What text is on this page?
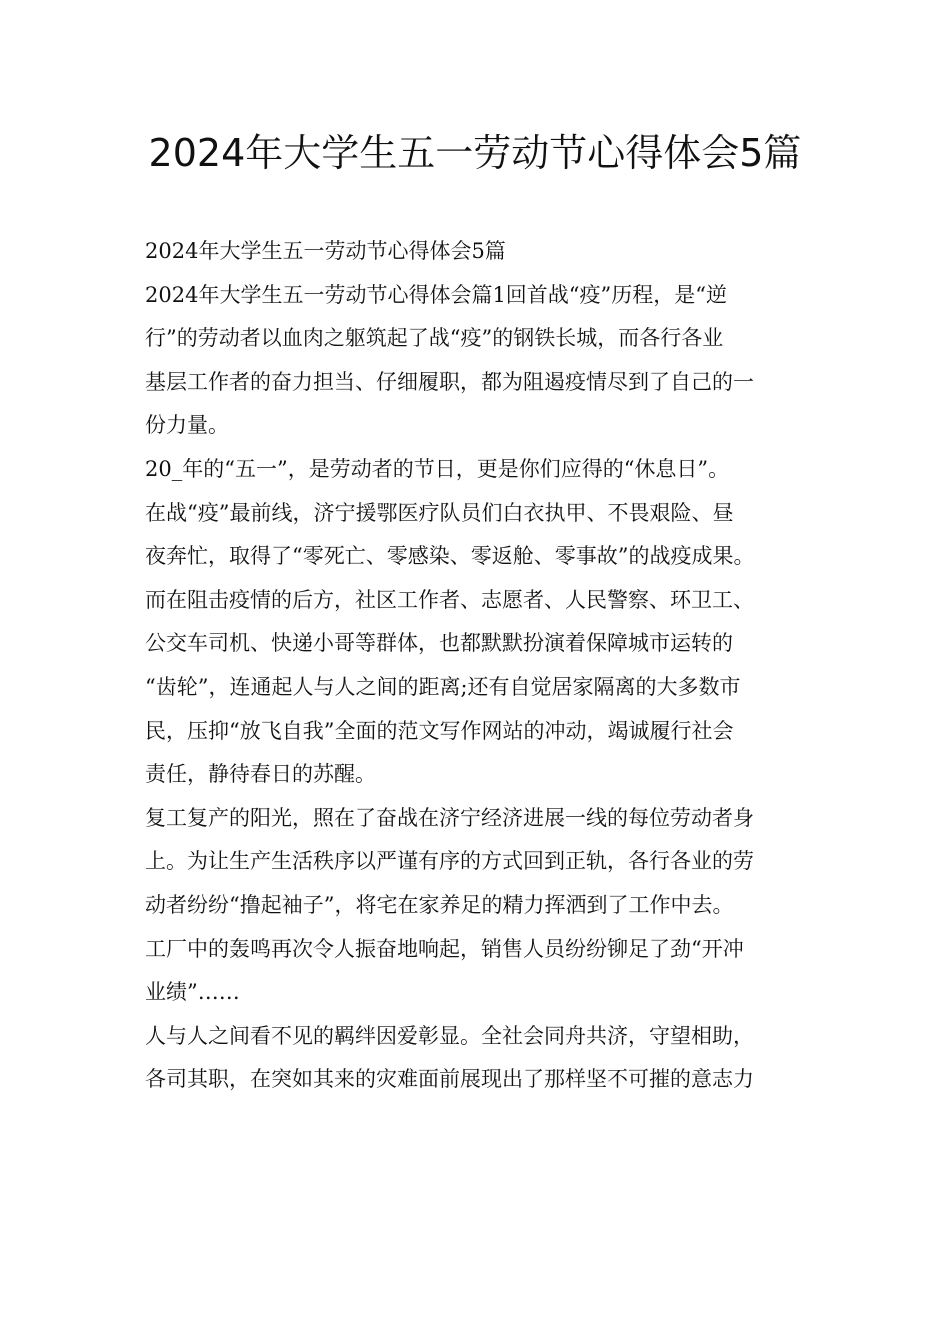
2024年大学生五一劳动节心得体会5篇

2024年大学生五一劳动节心得体会5篇

2024年大学生五一劳动节心得体会篇1回首战“疫”历程，是“逆
行”的劳动者以血肉之躯筑起了战“疫”的钢铁长城，而各行各业
基层工作者的奋力担当、仔细履职，都为阻遏疫情尽到了自己的一
份力量。

20_年的“五一”，是劳动者的节日，更是你们应得的“休息日”。
在战“疫”最前线，济宁援鄂医疗队员们白衣执甲、不畏艰险、昼
夜奔忙，取得了“零死亡、零感染、零返舱、零事故”的战疫成果。
而在阻击疫情的后方，社区工作者、志愿者、人民警察、环卫工、
公交车司机、快递小哥等群体，也都默默扮演着保障城市运转的
“齿轮”，连通起人与人之间的距离;还有自觉居家隔离的大多数市
民，压抑“放飞自我”全面的范文写作网站的冲动，竭诚履行社会
责任，静待春日的苏醒。

复工复产的阳光，照在了奋战在济宁经济进展一线的每位劳动者身
上。为让生产生活秩序以严谨有序的方式回到正轨，各行各业的劳
动者纷纷“撸起袖子”，将宅在家养足的精力挥洒到了工作中去。
工厂中的轰鸣再次令人振奋地响起，销售人员纷纷铆足了劲“开冲
业绩”……

人与人之间看不见的羁绊因爱彰显。全社会同舟共济，守望相助，
各司其职，在突如其来的灾难面前展现出了那样坚不可摧的意志力
